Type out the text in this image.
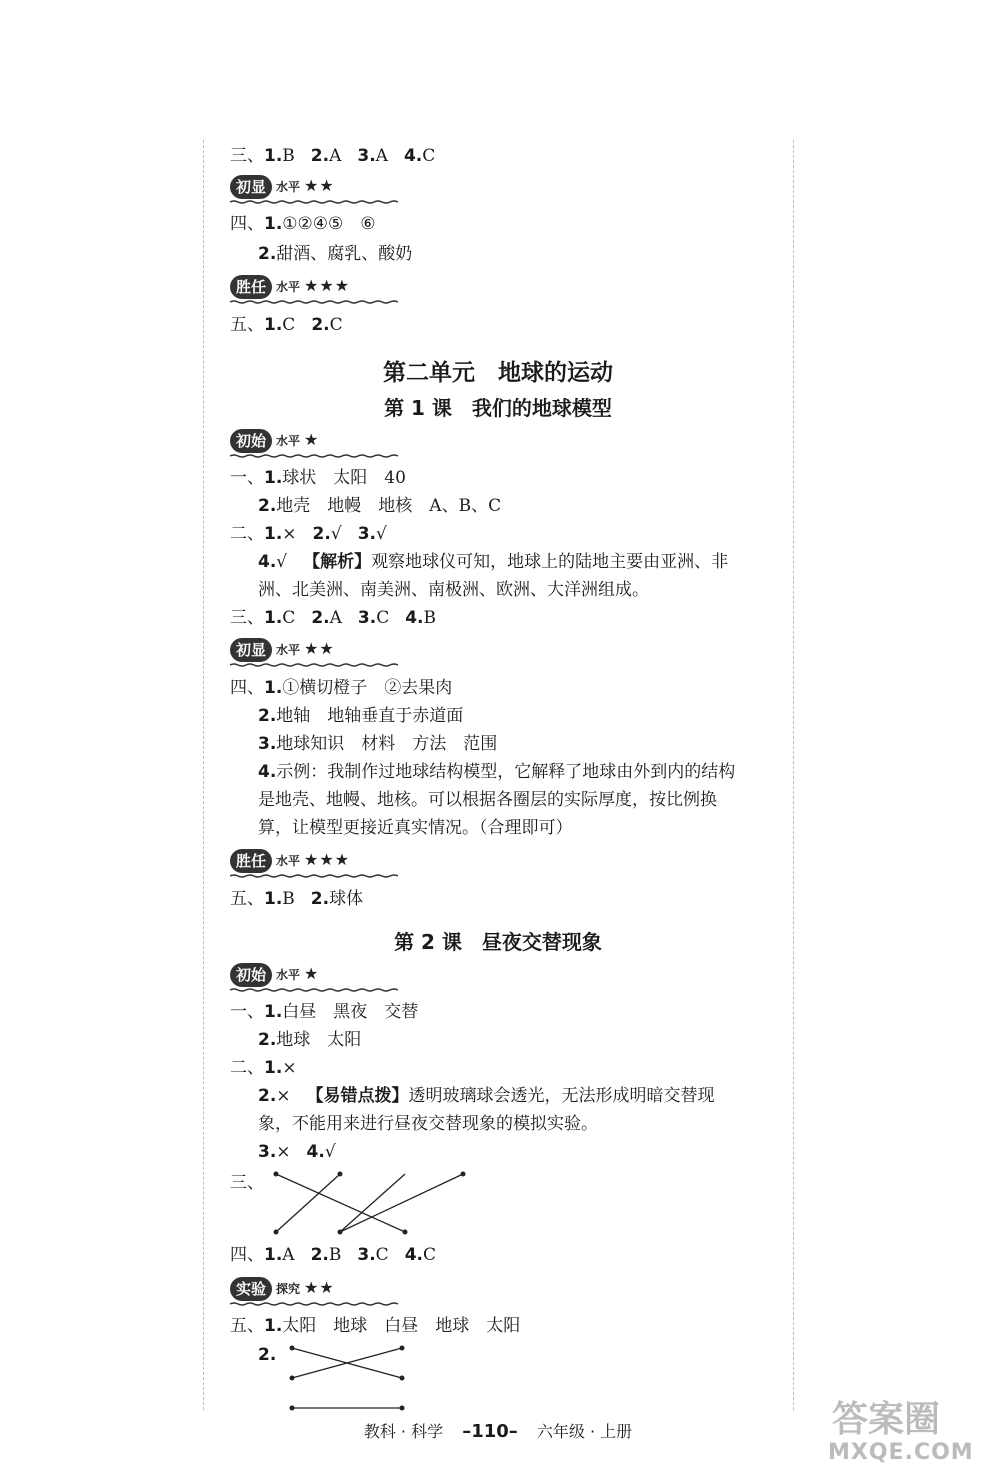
三、1.B 2.A 3.A 4.C
初显 水平 ★★
四、1.①②④⑤　⑥
2.甜酒、腐乳、酸奶
胜任 水平 ★★★
五、1.C 2.C
第二单元　地球的运动
第 1 课　我们的地球模型
初始 水平 ★
一、1.球状　太阳　40
2.地壳　地幔　地核　A、B、C
二、1.× 2.√ 3.√
4.√ 【解析】观察地球仪可知，地球上的陆地主要由亚洲、非
洲、北美洲、南美洲、南极洲、欧洲、大洋洲组成。
三、1.C 2.A 3.C 4.B
初显 水平 ★★
四、1.①横切橙子　②去果肉
2.地轴　地轴垂直于赤道面
3.地球知识　材料　方法　范围
4.示例：我制作过地球结构模型，它解释了地球由外到内的结构
是地壳、地幔、地核。可以根据各圈层的实际厚度，按比例换
算，让模型更接近真实情况。（合理即可）
胜任 水平 ★★★
五、1.B 2.球体
第 2 课　昼夜交替现象
初始 水平 ★
一、1.白昼　黑夜　交替
2.地球　太阳
二、1.×
2.× 【易错点拨】透明玻璃球会透光，无法形成明暗交替现
象，不能用来进行昼夜交替现象的模拟实验。
3.× 4.√
三、
四、1.A 2.B 3.C 4.C
实验 探究 ★★
五、1.太阳　地球　白昼　地球　太阳
2.
教科 · 科学 –110– 六年级 · 上册	答案圈
MXQE.COM
